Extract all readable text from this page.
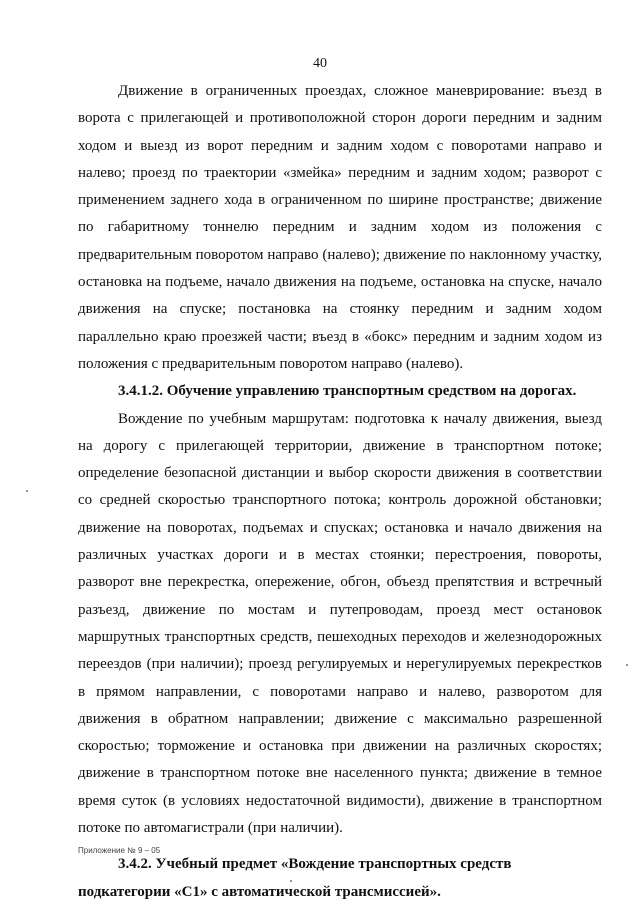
40

Движение в ограниченных проездах, сложное маневрирование: въезд в ворота с прилегающей и противоположной сторон дороги передним и задним ходом и выезд из ворот передним и задним ходом с поворотами направо и налево; проезд по траектории «змейка» передним и задним ходом; разворот с применением заднего хода в ограниченном по ширине пространстве; движение по габаритному тоннелю передним и задним ходом из положения с предварительным поворотом направо (налево); движение по наклонному участку, остановка на подъеме, начало движения на подъеме, остановка на спуске, начало движения на спуске; постановка на стоянку передним и задним ходом параллельно краю проезжей части; въезд в «бокс» передним и задним ходом из положения с предварительным поворотом направо (налево).

3.4.1.2. Обучение управлению транспортным средством на дорогах.

Вождение по учебным маршрутам: подготовка к началу движения, выезд на дорогу с прилегающей территории, движение в транспортном потоке; определение безопасной дистанции и выбор скорости движения в соответствии со средней скоростью транспортного потока; контроль дорожной обстановки; движение на поворотах, подъемах и спусках; остановка и начало движения на различных участках дороги и в местах стоянки; перестроения, повороты, разворот вне перекрестка, опережение, обгон, объезд препятствия и встречный разъезд, движение по мостам и путепроводам, проезд мест остановок маршрутных транспортных средств, пешеходных переходов и железнодорожных переездов (при наличии); проезд регулируемых и нерегулируемых перекрестков в прямом направлении, с поворотами направо и налево, разворотом для движения в обратном направлении; движение с максимально разрешенной скоростью; торможение и остановка при движении на различных скоростях; движение в транспортном потоке вне населенного пункта; движение в темное время суток (в условиях недостаточной видимости), движение в транспортном потоке по автомагистрали (при наличии).

3.4.2. Учебный предмет «Вождение транспортных средств подкатегории «C1» с автоматической трансмиссией».

Приложение № 9 – 05
